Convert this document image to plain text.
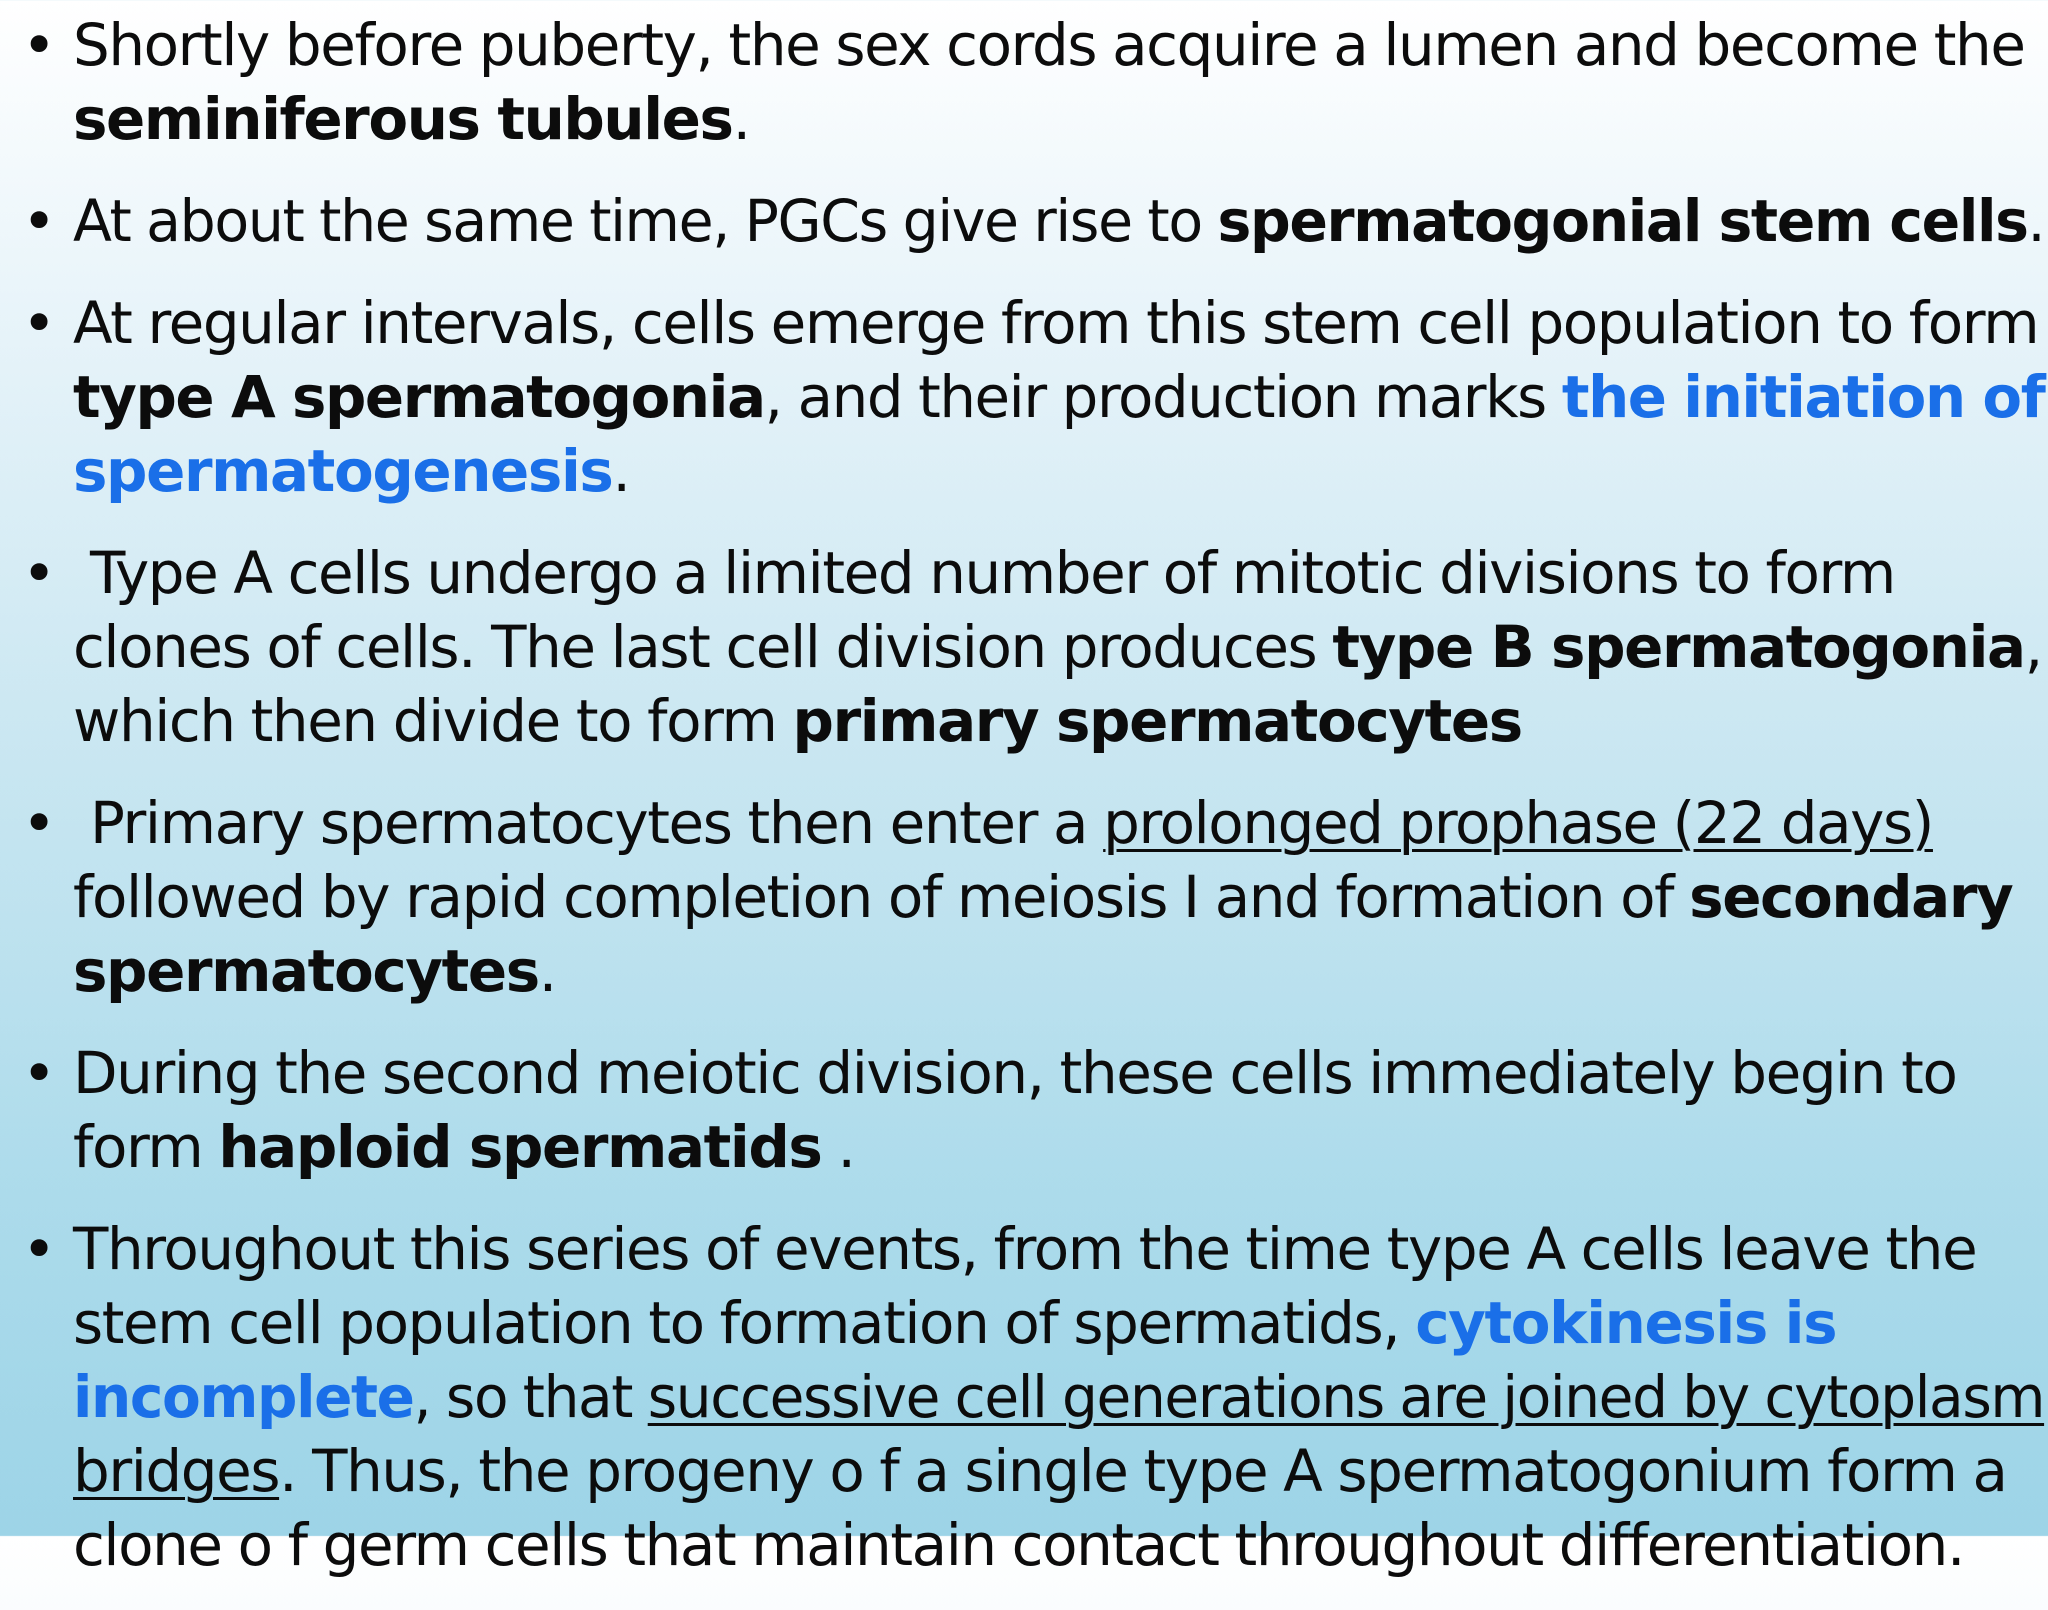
• Shortly before puberty, the sex cords acquire a lumen and become the
seminiferous tubules.
• At about the same time, PGCs give rise to spermatogonial stem cells.
• At regular intervals, cells emerge from this stem cell population to form
type A spermatogonia, and their production marks the initiation of
spermatogenesis.
•  Type A cells undergo a limited number of mitotic divisions to form
clones of cells. The last cell division produces type B spermatogonia,
which then divide to form primary spermatocytes
•  Primary spermatocytes then enter a prolonged prophase (22 days)
followed by rapid completion of meiosis I and formation of secondary
spermatocytes.
• During the second meiotic division, these cells immediately begin to
form haploid spermatids .
• Throughout this series of events, from the time type A cells leave the
stem cell population to formation of spermatids, cytokinesis is
incomplete, so that successive cell generations are joined by cytoplasm
bridges. Thus, the progeny o f a single type A spermatogonium form a
clone o f germ cells that maintain contact throughout differentiation.
